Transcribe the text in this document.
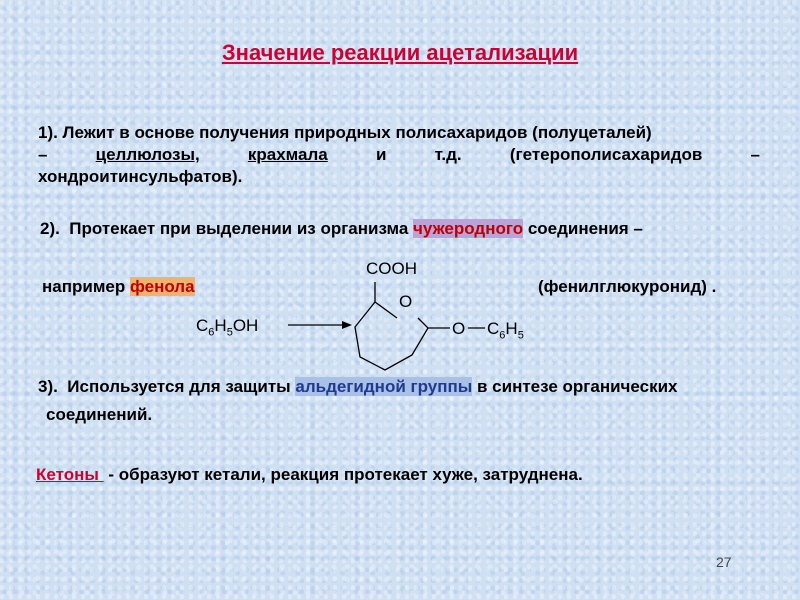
Значение реакции ацетализации
1). Лежит в основе получения природных полисахаридов (полуцеталей)
–	целлюлозы,	крахмала	и	т.д.	(гетерополисахаридов	–
хондроитинсульфатов).
2).  Протекает при выделении из организма чужеродного соединения –
например фенола	(фенилглюкуронид) .
$C_6H_5OH$
COOH
O
O $C_6H_5$
3).  Используется для защиты альдегидной группы в синтезе органических
соединений.
Кетоны  - образуют кетали, реакция протекает хуже, затруднена.
27
